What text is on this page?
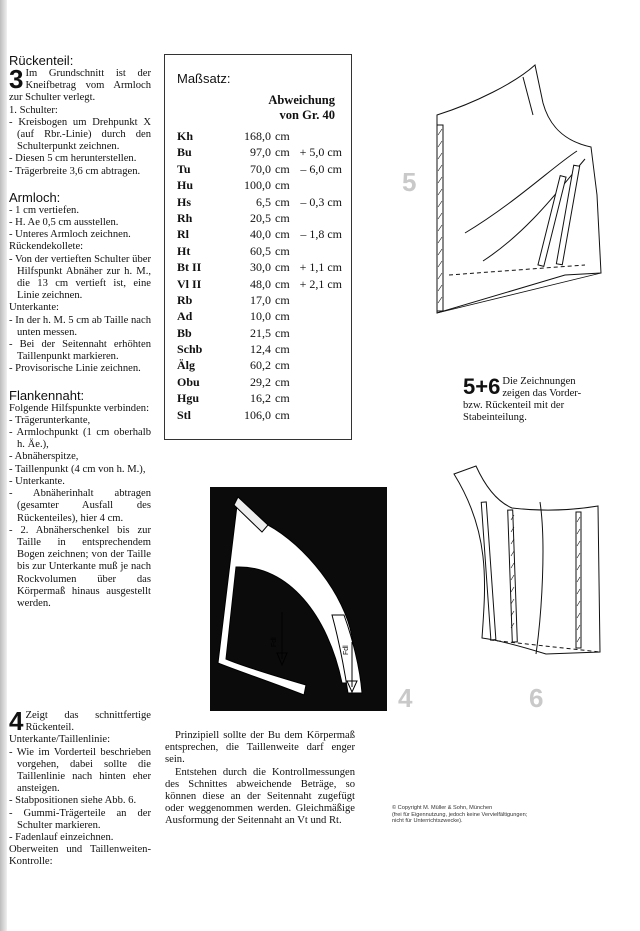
Rückenteil:

3 Im Grundschnitt ist der Kneifbetrag vom Armloch zur Schulter verlegt.

1. Schulter:

- Kreisbogen um Drehpunkt X (auf Rbr.-Linie) durch den Schulterpunkt zeichnen.

- Diesen 5 cm herunterstellen.

- Trägerbreite 3,6 cm abtragen.

Armloch:

- 1 cm vertiefen.

- H. Ae 0,5 cm ausstellen.

- Unteres Armloch zeichnen.

Rückendekollete:

- Von der vertieften Schulter über Hilfspunkt Abnäher zur h. M., die 13 cm vertieft ist, eine Linie zeichnen.

Unterkante:

- In der h. M. 5 cm ab Taille nach unten messen.

- Bei der Seitennaht erhöhten Taillenpunkt markieren.

- Provisorische Linie zeichnen.

Flankennaht:

Folgende Hilfspunkte verbinden:

- Trägerunterkante,

- Armlochpunkt (1 cm oberhalb h. Äe.),

- Abnäherspitze,

- Taillenpunkt (4 cm von h. M.),

- Unterkante.

- Abnäherinhalt abtragen (gesamter Ausfall des Rückenteiles), hier 4 cm.

- 2. Abnäherschenkel bis zur Taille in entsprechendem Bogen zeichnen; von der Taille bis zur Unterkante muß je nach Rockvolumen über das Körpermaß hinaus ausgestellt werden.

4 Zeigt das schnittfertige Rückenteil.

Unterkante/Taillenlinie:

- Wie im Vorderteil beschrieben vorgehen, dabei sollte die Taillenlinie nach hinten eher ansteigen.

- Stabpositionen siehe Abb. 6.

- Gummi-Trägerteile an der Schulter markieren.

- Fadenlauf einzeichnen.

Oberweiten und Taillenweiten-Kontrolle:

Maßsatz:
Abweichung
von Gr. 40
Kh	168,0 cm
Bu	97,0 cm + 5,0 cm
Tu	70,0 cm – 6,0 cm
Hu	100,0 cm
Hs	6,5 cm – 0,3 cm
Rh	20,5 cm
Rl	40,0 cm – 1,8 cm
Ht	60,5 cm
Bt II	30,0 cm + 1,1 cm
Vl II	48,0 cm + 2,1 cm
Rb	17,0 cm
Ad	10,0 cm
Bb	21,5 cm
Schb	12,4 cm
Älg	60,2 cm
Obu	29,2 cm
Hgu	16,2 cm
Stl	106,0 cm
Fdl
Fdl
4
5
5+6 Die Zeichnungen zeigen das Vorder- bzw. Rückenteil mit der Stabeinteilung.
6

Prinzipiell sollte der Bu dem Körpermaß entsprechen, die Taillenweite darf enger sein.

Entstehen durch die Kontrollmessungen des Schnittes abweichende Beträge, so können diese an der Seitennaht zugefügt oder weggenommen werden. Gleichmäßige Ausformung der Seitennaht an Vt und Rt.

© Copyright M. Müller & Sohn, München
(frei für Eigennutzung, jedoch keine Vervielfältigungen;
nicht für Unterrichtszwecke).
